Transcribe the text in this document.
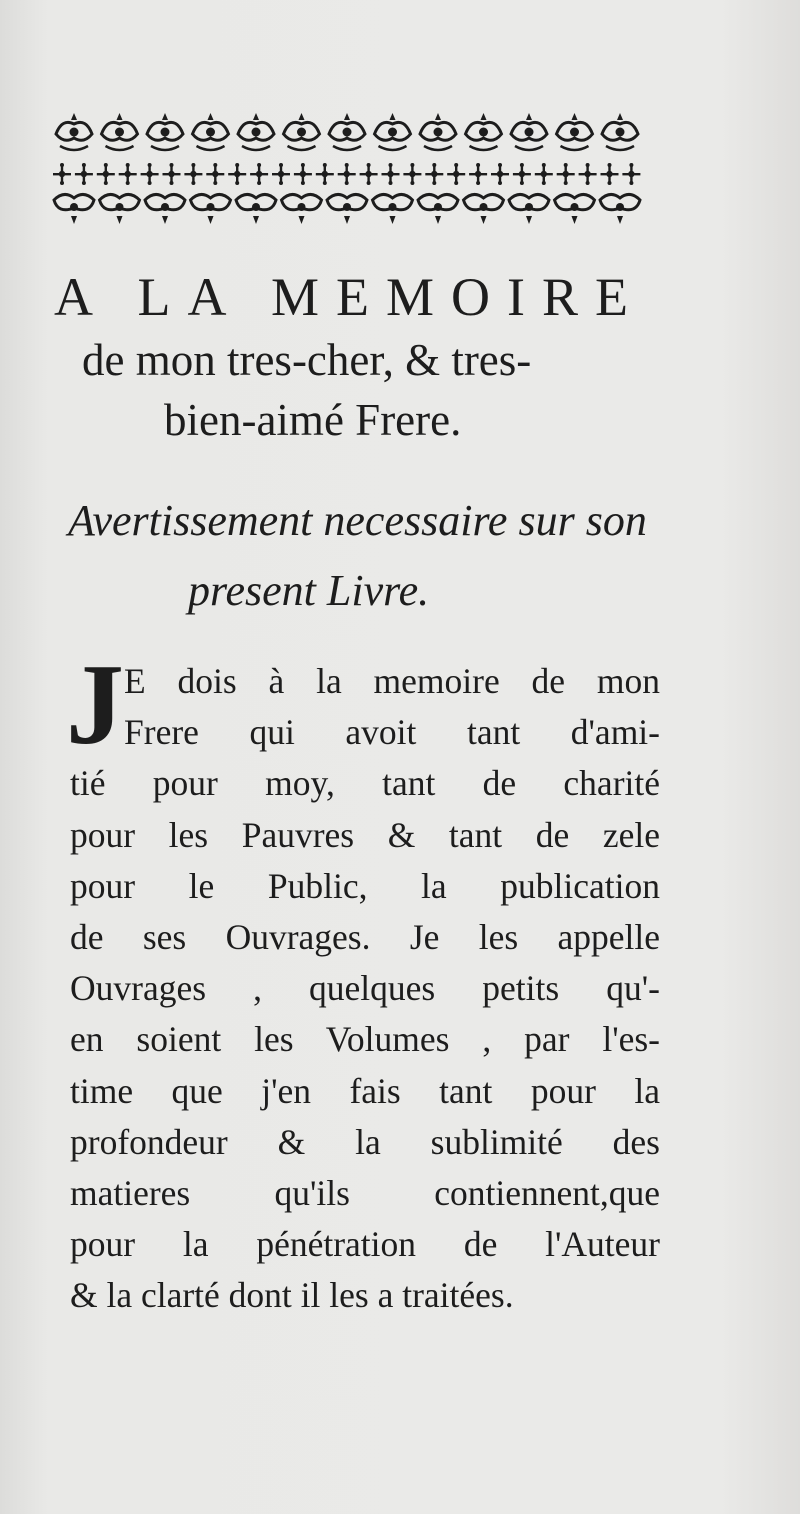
A LA MEMOIRE
de mon tres-cher, & tres-
bien-aimé Frere.
Avertissement necessaire sur son
present Livre.
J E dois à la memoire de mon
Frere qui avoit tant d'ami-
tié pour moy, tant de charité
pour les Pauvres & tant de zele
pour le Public, la publication
de ses Ouvrages. Je les appelle
Ouvrages , quelques petits qu'-
en soient les Volumes , par l'es-
time que j'en fais tant pour la
profondeur & la sublimité des
matieres qu'ils contiennent,que
pour la pénétration de l'Auteur
& la clarté dont il les a traitées.
